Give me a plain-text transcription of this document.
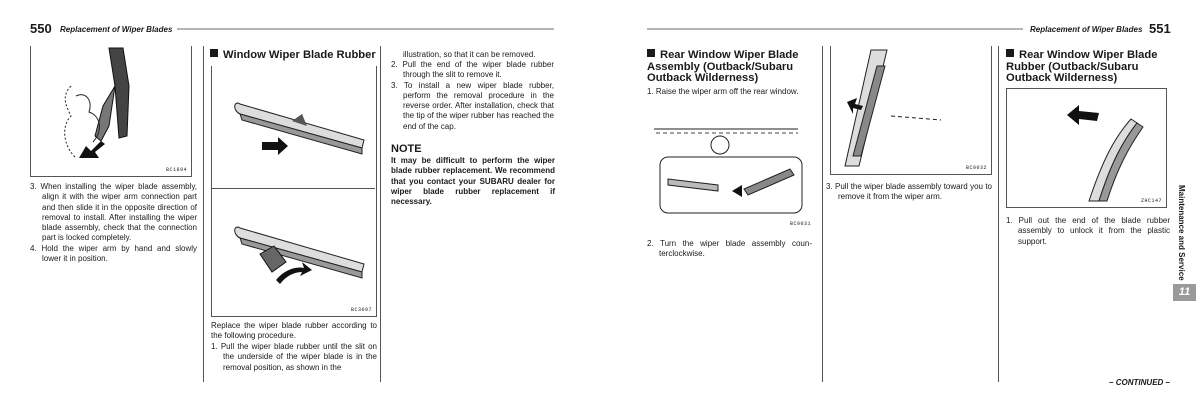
550 Replacement of Wiper Blades	Replacement of Wiper Blades 551
BC1894
3. When installing the wiper blade assembly, align it with the wiper arm connection part and then slide it in the opposite direction of removal to install. After installing the wiper blade assembly, check that the connection part is locked completely.
4. Hold the wiper arm by hand and slowly lower it in position.
Window Wiper Blade Rubber
BC3097

Replace the wiper blade rubber according to the following procedure.

1. Pull the wiper blade rubber until the slit on the underside of the wiper blade is in the removal position, as shown in the

illustration, so that it can be removed.

2. Pull the end of the wiper blade rubber through the slit to remove it.
3. To install a new wiper blade rubber, perform the removal procedure in the reverse order. After installation, check that the tip of the wiper rubber has reached the end of the cap.
NOTE

It may be difficult to perform the wiper blade rubber replacement. We recommend that you contact your SUBARU dealer for wiper blade rubber replacement if necessary.

Rear Window Wiper Blade Assembly (Outback/Subaru Outback Wilderness)
1. Raise the wiper arm off the rear window.
BC0031
2. Turn the wiper blade assembly counterclockwise.
BC0032
3. Pull the wiper blade assembly toward you to remove it from the wiper arm.
Rear Window Wiper Blade Rubber (Outback/Subaru Outback Wilderness)
ZHC147
1. Pull out the end of the blade rubber assembly to unlock it from the plastic support.	Maintenance and Service
11
– CONTINUED –
